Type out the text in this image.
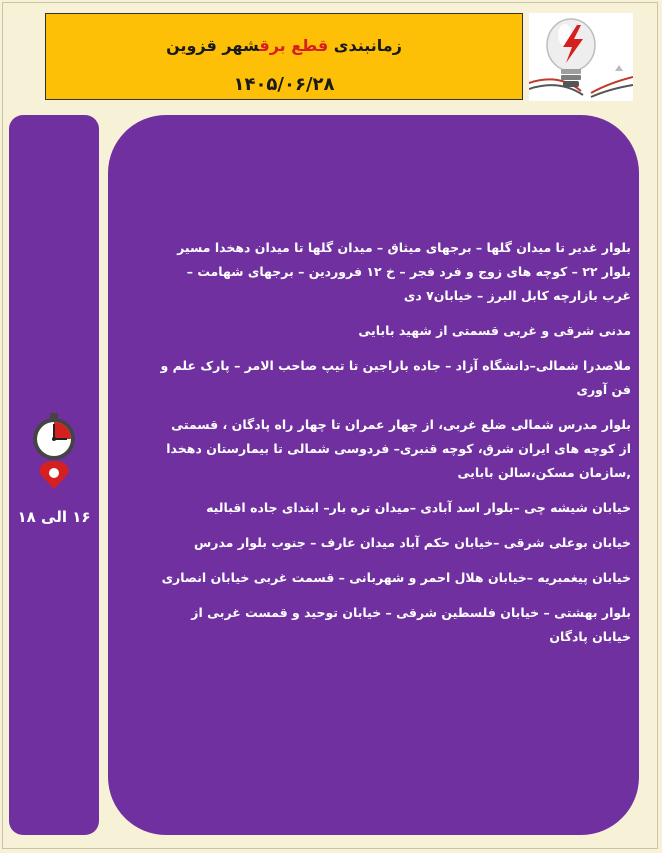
زمانبندی قطع برقشهر قزوین
۱۴۰۵/۰۶/۲۸
۱۶ الی ۱۸
بلوار غدیر تا میدان گلها – برجهای میثاق – میدان گلها تا میدان دهخدا مسیر بلوار ۲۲ – کوچه های زوج و فرد فجر – خ ۱۲ فروردین – برجهای شهامت – غرب بازارچه کابل البرز – خیابان۷ دی
مدنی شرقی و غربی قسمتی از شهید بابایی
ملاصدرا شمالی–دانشگاه آزاد – جاده باراجین تا تیپ صاحب الامر – پارک علم و فن آوری
بلوار مدرس شمالی ضلع غربی، از چهار عمران تا چهار راه پادگان ، قسمتی از کوچه های ایران شرق، کوچه قنبری– فردوسی شمالی تا بیمارستان دهخدا ,سازمان مسکن،سالن بابایی
خیابان شیشه چی –بلوار اسد آبادی –میدان تره بار– ابتدای جاده اقبالیه
خیابان بوعلی شرقی –خیابان حکم آباد میدان عارف – جنوب بلوار مدرس
خیابان پیغمبریه –خیابان هلال احمر و شهربانی – قسمت غربی خیابان انصاری
بلوار بهشتی – خیابان فلسطین شرقی – خیابان توحید و قمست غربی از خیابان پادگان
